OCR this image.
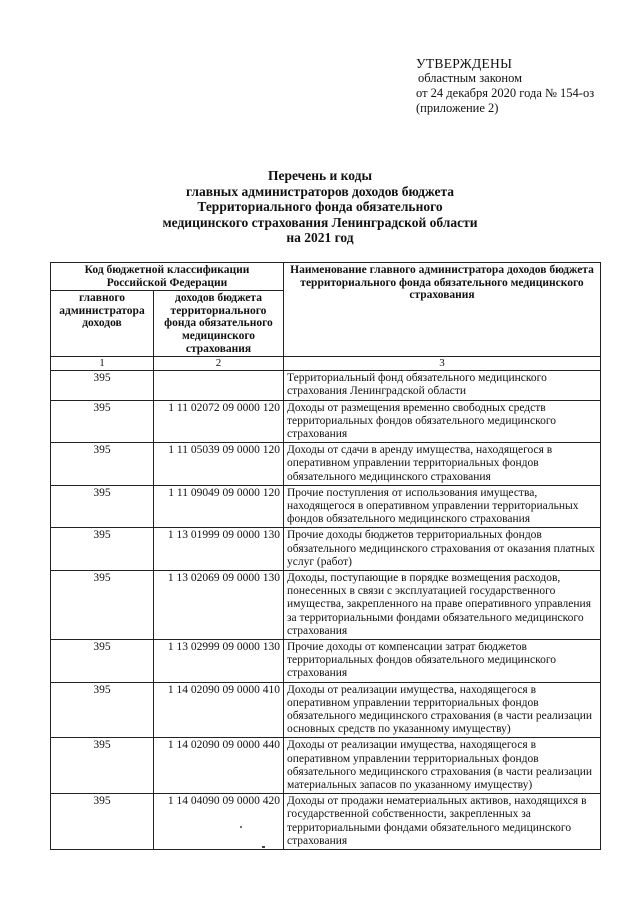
УТВЕРЖДЕНЫ
областным законом
от 24 декабря 2020 года № 154-оз
(приложение 2)
Перечень и коды
главных администраторов доходов бюджета
Территориального фонда обязательного
медицинского страхования Ленинградской области
на 2021 год
Код бюджетной классификации Российской Федерации		Наименование главного администратора доходов бюджета территориального фонда обязательного медицинского страхования
главного администратора доходов	доходов бюджета территориального фонда обязательного медицинского страхования	
1	2	3
395		Территориальный фонд обязательного медицинского страхования Ленинградской области
395	1 11 02072 09 0000 120	Доходы от размещения временно свободных средств территориальных фондов обязательного медицинского страхования
395	1 11 05039 09 0000 120	Доходы от сдачи в аренду имущества, находящегося в оперативном управлении территориальных фондов обязательного медицинского страхования
395	1 11 09049 09 0000 120	Прочие поступления от использования имущества, находящегося в оперативном управлении территориальных фондов обязательного медицинского страхования
395	1 13 01999 09 0000 130	Прочие доходы бюджетов территориальных фондов обязательного медицинского страхования от оказания платных услуг (работ)
395	1 13 02069 09 0000 130	Доходы, поступающие в порядке возмещения расходов, понесенных в связи с эксплуатацией государственного имущества, закрепленного на праве оперативного управления за территориальными фондами обязательного медицинского страхования
395	1 13 02999 09 0000 130	Прочие доходы от компенсации затрат бюджетов территориальных фондов обязательного медицинского страхования
395	1 14 02090 09 0000 410	Доходы от реализации имущества, находящегося в оперативном управлении территориальных фондов обязательного медицинского страхования (в части реализации основных средств по указанному имуществу)
395	1 14 02090 09 0000 440	Доходы от реализации имущества, находящегося в оперативном управлении территориальных фондов обязательного медицинского страхования (в части реализации материальных запасов по указанному имуществу)
395	1 14 04090 09 0000 420	Доходы от продажи нематериальных активов, находящихся в государственной собственности, закрепленных за территориальными фондами обязательного медицинского страхования
